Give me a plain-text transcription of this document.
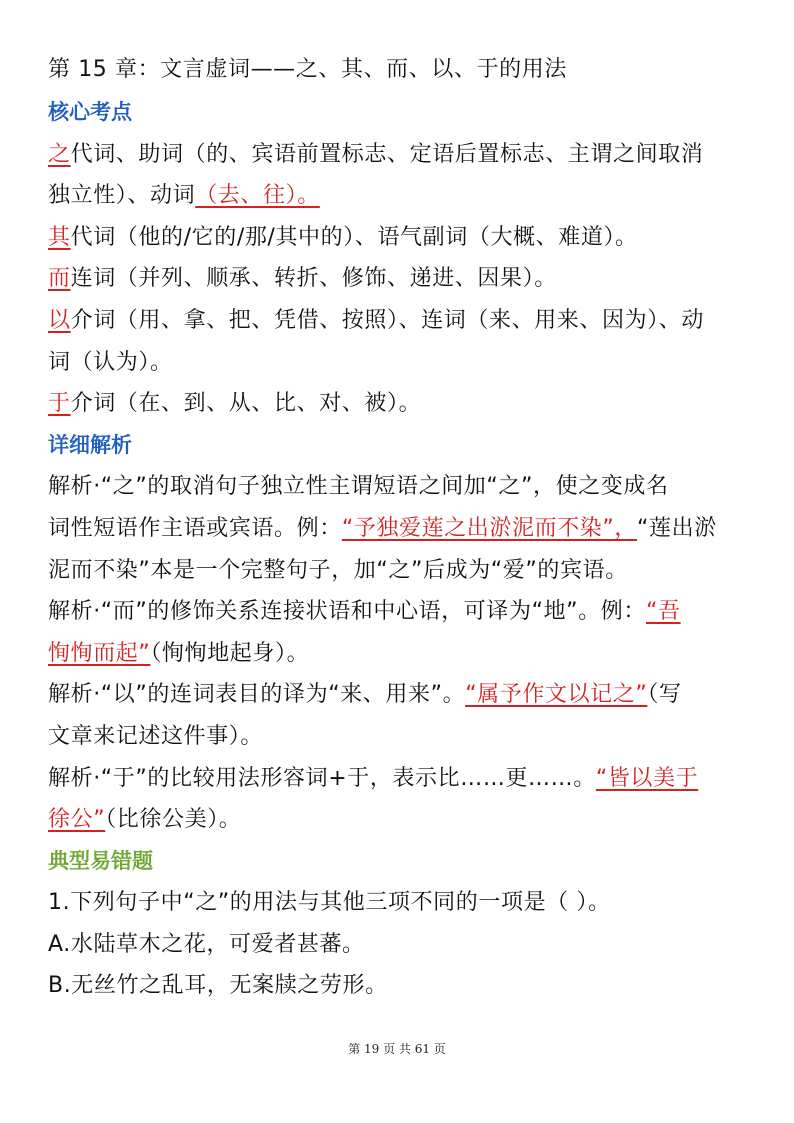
第 15 章：文言虚词——之、其、而、以、于的用法
核心考点
之代词、助词（的、宾语前置标志、定语后置标志、主谓之间取消
独立性）、动词（去、往）。
其代词（他的/它的/那/其中的）、语气副词（大概、难道）。
而连词（并列、顺承、转折、修饰、递进、因果）。
以介词（用、拿、把、凭借、按照）、连词（来、用来、因为）、动
词（认为）。
于介词（在、到、从、比、对、被）。
详细解析
解析·“之”的取消句子独立性主谓短语之间加“之”，使之变成名
词性短语作主语或宾语。例：“予独爱莲之出淤泥而不染”，“莲出淤
泥而不染”本是一个完整句子，加“之”后成为“爱”的宾语。
解析·“而”的修饰关系连接状语和中心语，可译为“地”。例：“吾
恂恂而起”（恂恂地起身）。
解析·“以”的连词表目的译为“来、用来”。“属予作文以记之”（写
文章来记述这件事）。
解析·“于”的比较用法形容词+于，表示比……更……。“皆以美于
徐公”（比徐公美）。
典型易错题
1.下列句子中“之”的用法与其他三项不同的一项是（ ）。
A.水陆草木之花，可爱者甚蕃。
B.无丝竹之乱耳，无案牍之劳形。
第 19 页 共 61 页
